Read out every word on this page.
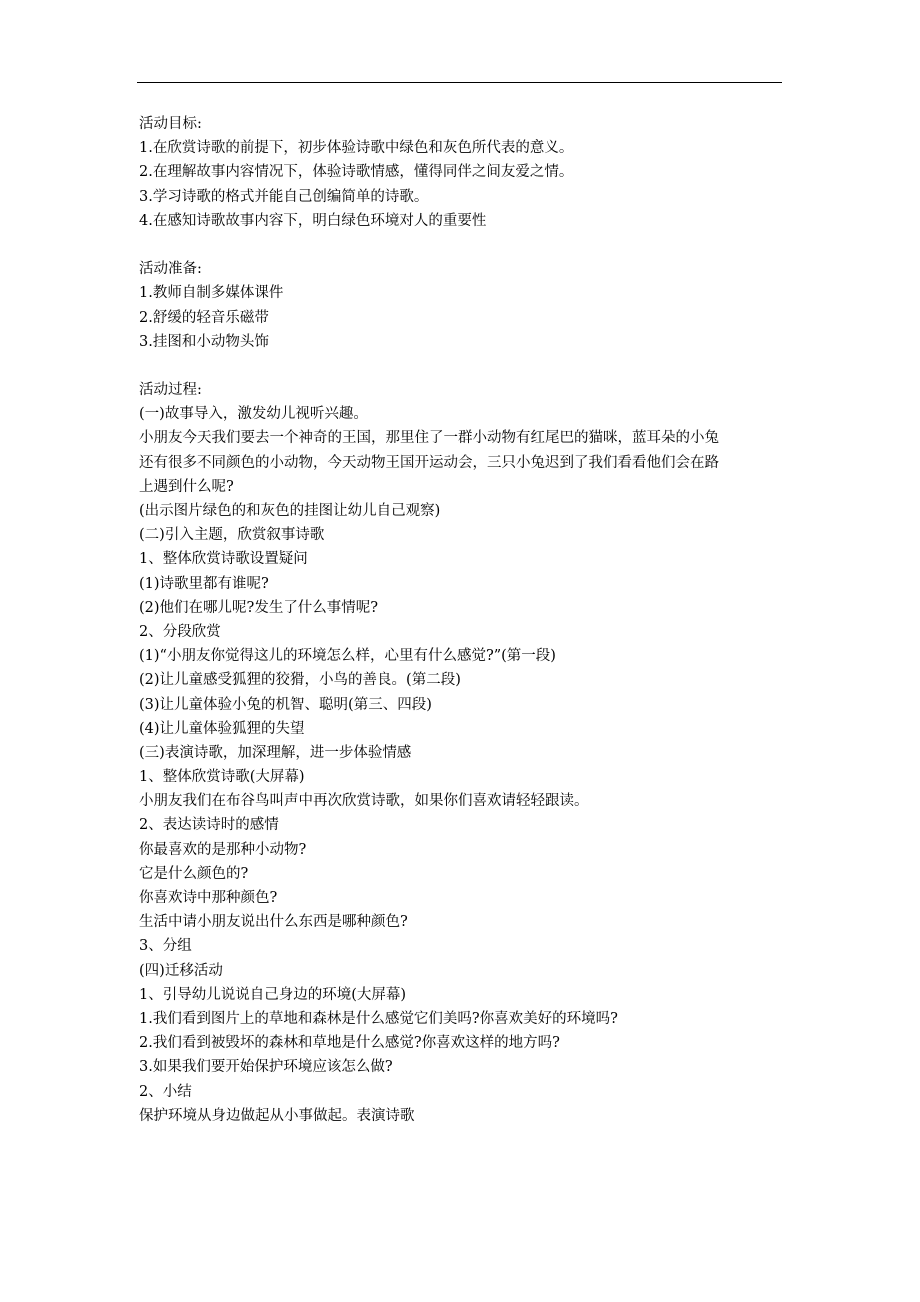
活动目标:
1.在欣赏诗歌的前提下，初步体验诗歌中绿色和灰色所代表的意义。
2.在理解故事内容情况下，体验诗歌情感，懂得同伴之间友爱之情。
3.学习诗歌的格式并能自己创编简单的诗歌。
4.在感知诗歌故事内容下，明白绿色环境对人的重要性
活动准备:
1.教师自制多媒体课件
2.舒缓的轻音乐磁带
3.挂图和小动物头饰
活动过程:
(一)故事导入，激发幼儿视听兴趣。
小朋友今天我们要去一个神奇的王国，那里住了一群小动物有红尾巴的猫咪，蓝耳朵的小兔
还有很多不同颜色的小动物，今天动物王国开运动会，三只小兔迟到了我们看看他们会在路
上遇到什么呢?
(出示图片绿色的和灰色的挂图让幼儿自己观察)
(二)引入主题，欣赏叙事诗歌
1、整体欣赏诗歌设置疑问
(1)诗歌里都有谁呢?
(2)他们在哪儿呢?发生了什么事情呢?
2、分段欣赏
(1)“小朋友你觉得这儿的环境怎么样，心里有什么感觉?”(第一段)
(2)让儿童感受狐狸的狡猾，小鸟的善良。(第二段)
(3)让儿童体验小兔的机智、聪明(第三、四段)
(4)让儿童体验狐狸的失望
(三)表演诗歌，加深理解，进一步体验情感
1、整体欣赏诗歌(大屏幕)
小朋友我们在布谷鸟叫声中再次欣赏诗歌，如果你们喜欢请轻轻跟读。
2、表达读诗时的感情
你最喜欢的是那种小动物?
它是什么颜色的?
你喜欢诗中那种颜色?
生活中请小朋友说出什么东西是哪种颜色?
3、分组
(四)迁移活动
1、引导幼儿说说自己身边的环境(大屏幕)
1.我们看到图片上的草地和森林是什么感觉它们美吗?你喜欢美好的环境吗?
2.我们看到被毁坏的森林和草地是什么感觉?你喜欢这样的地方吗?
3.如果我们要开始保护环境应该怎么做?
2、小结
保护环境从身边做起从小事做起。表演诗歌
